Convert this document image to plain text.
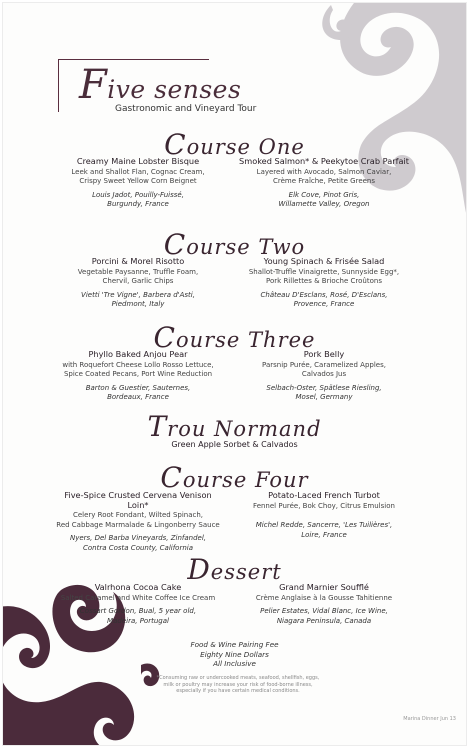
Five senses
Gastronomic and Vineyard Tour
Course One
Creamy Maine Lobster Bisque
Leek and Shallot Flan, Cognac Cream,
Crispy Sweet Yellow Corn Beignet
Louis Jadot, Pouilly-Fuissé,
Burgundy, France
Smoked Salmon* & Peekytoe Crab Parfait
Layered with Avocado, Salmon Caviar,
Crème Fraîche, Petite Greens
Elk Cove, Pinot Gris,
Willamette Valley, Oregon
Course Two
Porcini & Morel Risotto
Vegetable Paysanne, Truffle Foam,
Chervil, Garlic Chips
Vietti 'Tre Vigne', Barbera d'Asti,
Piedmont, Italy
Young Spinach & Frisée Salad
Shallot-Truffle Vinaigrette, Sunnyside Egg*,
Pork Rillettes & Brioche Croûtons
Château D'Esclans, Rosé, D'Esclans,
Provence, France
Course Three
Phyllo Baked Anjou Pear
with Roquefort Cheese Lollo Rosso Lettuce,
Spice Coated Pecans, Port Wine Reduction
Barton & Guestier, Sauternes,
Bordeaux, France
Pork Belly
Parsnip Purée, Caramelized Apples,
Calvados Jus
Selbach-Oster, Spätlese Riesling,
Mosel, Germany
Trou Normand
Green Apple Sorbet & Calvados
Course Four
Five-Spice Crusted Cervena Venison Loin*
Celery Root Fondant, Wilted Spinach,
Red Cabbage Marmalade & Lingonberry Sauce
Nyers, Del Barba Vineyards, Zinfandel,
Contra Costa County, California
Potato-Laced French Turbot
Fennel Purée, Bok Choy, Citrus Emulsion
Michel Redde, Sancerre, 'Les Tuilières',
Loire, France
Dessert
Valrhona Cocoa Cake
Salted Caramel and White Coffee Ice Cream
Cossart Gordon, Bual, 5 year old,
Madeira, Portugal
Grand Marnier Soufflé
Crème Anglaise à la Gousse Tahitienne
Pelier Estates, Vidal Blanc, Ice Wine,
Niagara Peninsula, Canada
Food & Wine Pairing Fee
Eighty Nine Dollars
All Inclusive
*Consuming raw or undercooked meats, seafood, shellfish, eggs,
milk or poultry may increase your risk of food-borne illness,
especially if you have certain medical conditions.
Marina Dinner Jun 13
